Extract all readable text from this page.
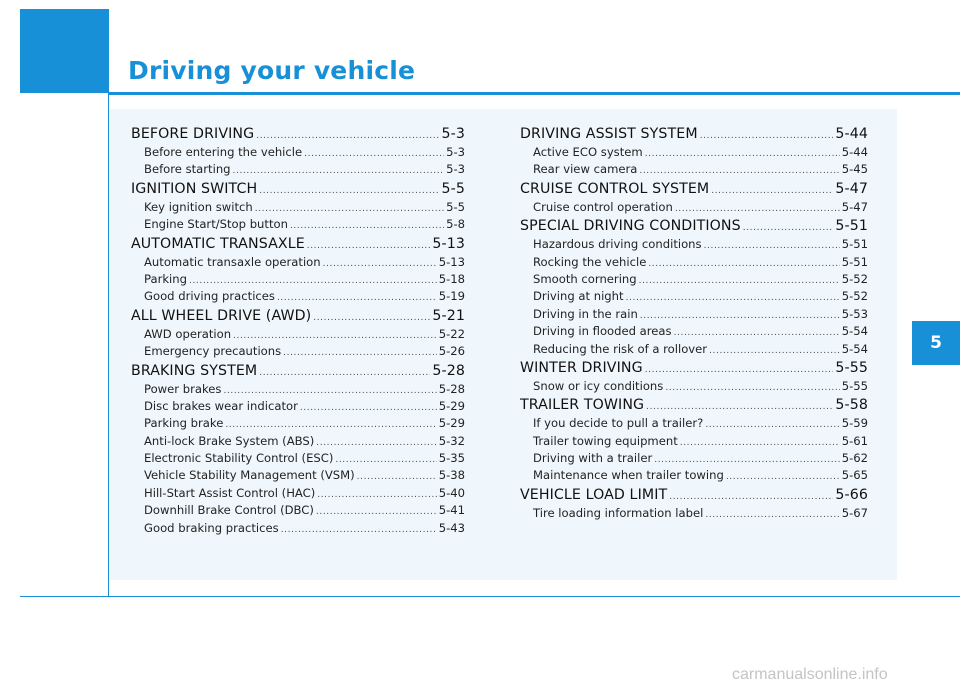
Driving your vehicle
5
BEFORE DRIVING .....	5-3
Before entering the vehicle .....	5-3
Before starting .....	5-3
IGNITION SWITCH .....	5-5
Key ignition switch .....	5-5
Engine Start/Stop button .....	5-8
AUTOMATIC TRANSAXLE .....	5-13
Automatic transaxle operation .....	5-13
Parking .....	5-18
Good driving practices .....	5-19
ALL WHEEL DRIVE (AWD) .....	5-21
AWD operation .....	5-22
Emergency precautions .....	5-26
BRAKING SYSTEM .....	5-28
Power brakes .....	5-28
Disc brakes wear indicator .....	5-29
Parking brake .....	5-29
Anti-lock Brake System (ABS) .....	5-32
Electronic Stability Control (ESC) .....	5-35
Vehicle Stability Management (VSM) .....	5-38
Hill-Start Assist Control (HAC) .....	5-40
Downhill Brake Control (DBC) .....	5-41
Good braking practices .....	5-43
DRIVING ASSIST SYSTEM .....	5-44
Active ECO system .....	5-44
Rear view camera .....	5-45
CRUISE CONTROL SYSTEM .....	5-47
Cruise control operation .....	5-47
SPECIAL DRIVING CONDITIONS .....	5-51
Hazardous driving conditions .....	5-51
Rocking the vehicle .....	5-51
Smooth cornering .....	5-52
Driving at night .....	5-52
Driving in the rain .....	5-53
Driving in flooded areas .....	5-54
Reducing the risk of a rollover .....	5-54
WINTER DRIVING .....	5-55
Snow or icy conditions .....	5-55
TRAILER TOWING .....	5-58
If you decide to pull a trailer? .....	5-59
Trailer towing equipment .....	5-61
Driving with a trailer .....	5-62
Maintenance when trailer towing .....	5-65
VEHICLE LOAD LIMIT .....	5-66
Tire loading information label .....	5-67
carmanualsonline.info
